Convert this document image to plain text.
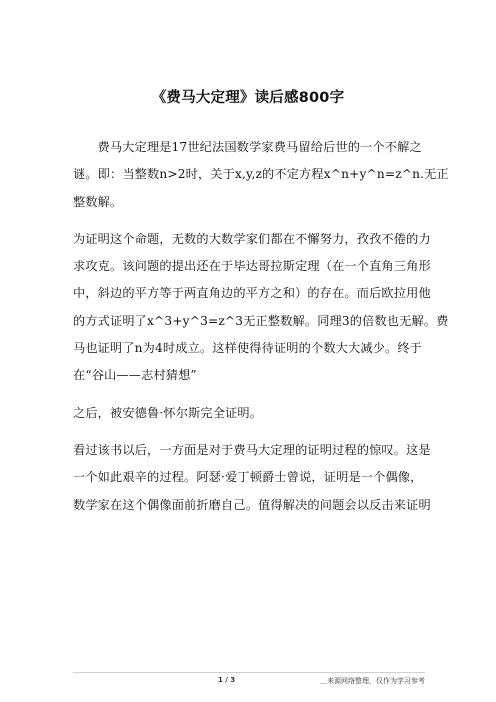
《费马大定理》读后感800字
费马大定理是17世纪法国数学家费马留给后世的一个不解之
谜。即：当整数n>2时，关于x,y,z的不定方程x^n+y^n=z^n.无正
整数解。
为证明这个命题，无数的大数学家们都在不懈努力，孜孜不倦的力
求攻克。该问题的提出还在于毕达哥拉斯定理（在一个直角三角形
中，斜边的平方等于两直角边的平方之和）的存在。而后欧拉用他
的方式证明了x^3+y^3=z^3无正整数解。同理3的倍数也无解。费
马也证明了n为4时成立。这样使得待证明的个数大大减少。终于
在“谷山——志村猜想”
之后，被安德鲁·怀尔斯完全证明。
看过该书以后，一方面是对于费马大定理的证明过程的惊叹。这是
一个如此艰辛的过程。阿瑟·爱丁顿爵士曾说，证明是一个偶像，
数学家在这个偶像面前折磨自己。值得解决的问题会以反击来证明
1 / 3	＿来源网络整理，仅作为学习参考
